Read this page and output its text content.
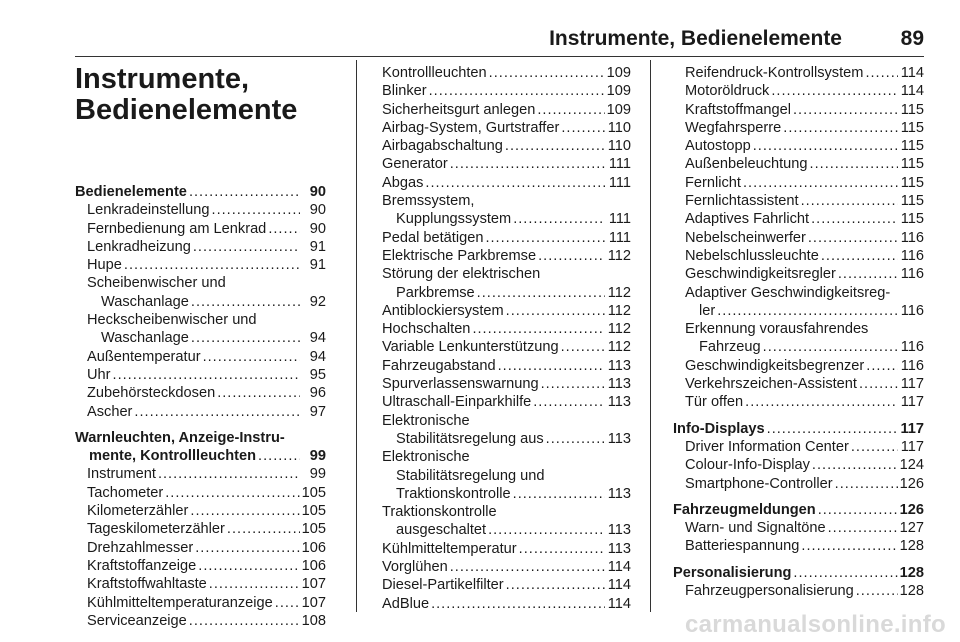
Instrumente, Bedienelemente	89
Instrumente,
Bedienelemente
Bedienelemente .....	90
Lenkradeinstellung .....	90
Fernbedienung am Lenkrad .....	90
Lenkradheizung .....	91
Hupe .....	91
Scheibenwischer und
Waschanlage .....	92
Heckscheibenwischer und
Waschanlage .....	94
Außentemperatur .....	94
Uhr .....	95
Zubehörsteckdosen .....	96
Ascher .....	97
Warnleuchten, Anzeige-Instru-
mente, Kontrollleuchten .....	99
Instrument .....	99
Tachometer .....	105
Kilometerzähler .....	105
Tageskilometerzähler .....	105
Drehzahlmesser .....	106
Kraftstoffanzeige .....	106
Kraftstoffwahltaste .....	107
Kühlmitteltemperaturanzeige ..... 107
Serviceanzeige .....	108
Kontrollleuchten .....	109
Blinker .....	109
Sicherheitsgurt anlegen .....	109
Airbag-System, Gurtstraffer .....	110
Airbagabschaltung .....	110
Generator .....	111
Abgas .....	111
Bremssystem,
Kupplungssystem .....	111
Pedal betätigen .....	111
Elektrische Parkbremse .....	112
Störung der elektrischen
Parkbremse .....	112
Antiblockiersystem .....	112
Hochschalten .....	112
Variable Lenkunterstützung .....	112
Fahrzeugabstand .....	113
Spurverlassenswarnung .....	113
Ultraschall-Einparkhilfe .....	113
Elektronische
Stabilitätsregelung aus .....	113
Elektronische
Stabilitätsregelung und
Traktionskontrolle .....	113
Traktionskontrolle
ausgeschaltet .....	113
Kühlmitteltemperatur .....	113
Vorglühen .....	114
Diesel-Partikelfilter .....	114
AdBlue .....	114
Reifendruck-Kontrollsystem .....	114
Motoröldruck .....	114
Kraftstoffmangel .....	115
Wegfahrsperre .....	115
Autostopp .....	115
Außenbeleuchtung .....	115
Fernlicht .....	115
Fernlichtassistent .....	115
Adaptives Fahrlicht .....	115
Nebelscheinwerfer .....	116
Nebelschlussleuchte .....	116
Geschwindigkeitsregler .....	116
Adaptiver Geschwindigkeitsreg-
ler .....	116
Erkennung vorausfahrendes
Fahrzeug .....	116
Geschwindigkeitsbegrenzer ..... 116
Verkehrszeichen-Assistent .....	117
Tür offen .....	117
Info-Displays .....	117
Driver Information Center .....	117
Colour-Info-Display .....	124
Smartphone-Controller .....	126
Fahrzeugmeldungen .....	126
Warn- und Signaltöne .....	127
Batteriespannung .....	128
Personalisierung .....	128
Fahrzeugpersonalisierung .....	128
carmanualsonline.info
